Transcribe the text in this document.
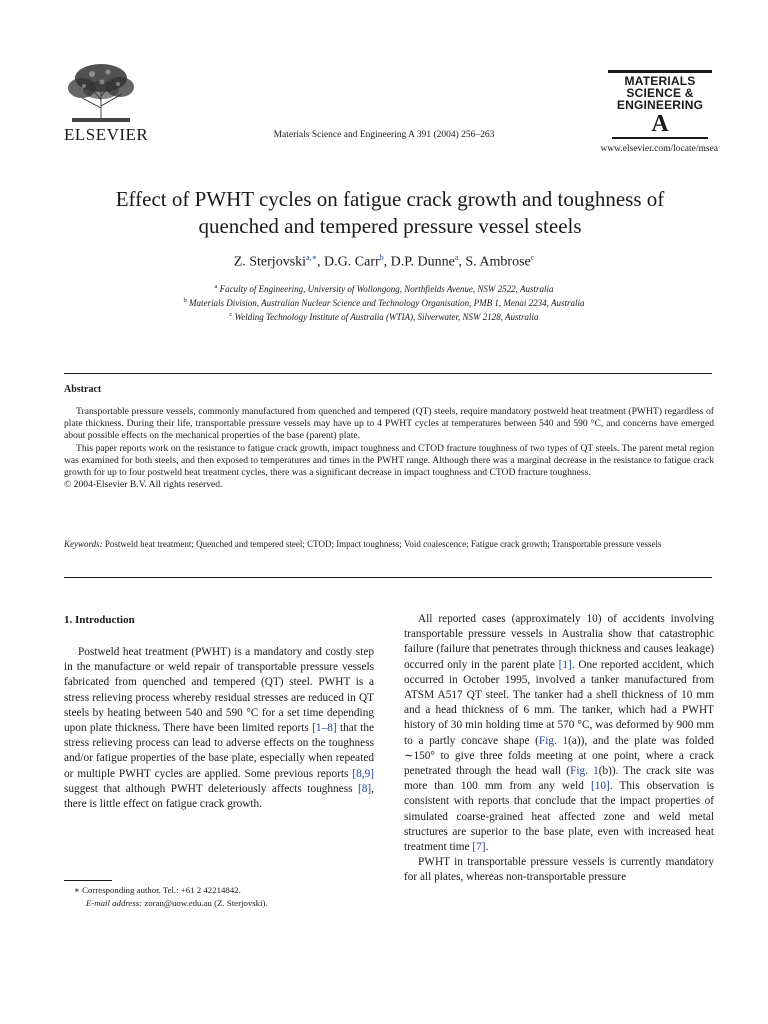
ELSEVIER	Materials Science and Engineering A 391 (2004) 256–263
MATERIALS
SCIENCE &
ENGINEERING
A
www.elsevier.com/locate/msea
Effect of PWHT cycles on fatigue crack growth and toughness of quenched and tempered pressure vessel steels
Z. Sterjovski$^{a,∗}$, D.G. Carr$^b$, D.P. Dunne$^a$, S. Ambrose$^c$
$^a$ Faculty of Engineering, University of Wollongong, Northfields Avenue, NSW 2522, Australia
$^b$ Materials Division, Australian Nuclear Science and Technology Organisation, PMB 1, Menai 2234, Australia
$^c$ Welding Technology Institute of Australia (WTIA), Silverwater, NSW 2128, Australia
Abstract

Transportable pressure vessels, commonly manufactured from quenched and tempered (QT) steels, require mandatory postweld heat treatment (PWHT) regardless of plate thickness. During their life, transportable pressure vessels may have up to 4 PWHT cycles at temperatures between 540 and 590 °C, and concerns have emerged about possible effects on the mechanical properties of the base (parent) plate.

This paper reports work on the resistance to fatigue crack growth, impact toughness and CTOD fracture toughness of two types of QT steels. The parent metal region was examined for both steels, and then exposed to temperatures and times in the PWHT range. Although there was a marginal decrease in the resistance to fatigue crack growth for up to four postweld heat treatment cycles, there was a significant decrease in impact toughness and CTOD fracture toughness.

© 2004-Elsevier B.V. All rights reserved.

Keywords: Postweld heat treatment; Quenched and tempered steel; CTOD; Impact toughness; Void coalescence; Fatigue crack growth; Transportable pressure vessels
1. Introduction

Postweld heat treatment (PWHT) is a mandatory and costly step in the manufacture or weld repair of transportable pressure vessels fabricated from quenched and tempered (QT) steel. PWHT is a stress relieving process whereby residual stresses are reduced in QT steels by heating between 540 and 590 °C for a set time depending upon plate thickness. There have been limited reports [1–8] that the stress relieving process can lead to adverse effects on the toughness and/or fatigue properties of the base plate, especially when repeated or multiple PWHT cycles are applied. Some previous reports [8,9] suggest that although PWHT deleteriously affects toughness [8], there is little effect on fatigue crack growth.

All reported cases (approximately 10) of accidents involving transportable pressure vessels in Australia show that catastrophic failure (failure that penetrates through thickness and causes leakage) occurred only in the parent plate [1]. One reported accident, which occurred in October 1995, involved a tanker manufactured from ATSM A517 QT steel. The tanker had a shell thickness of 10 mm and a head thickness of 6 mm. The tanker, which had a PWHT history of 30 min holding time at 570 °C, was deformed by 900 mm to a partly concave shape (Fig. 1(a)), and the plate was folded ∼150° to give three folds meeting at one point, where a crack penetrated through the head wall (Fig. 1(b)). The crack site was more than 100 mm from any weld [10]. This observation is consistent with reports that conclude that the impact properties of simulated coarse-grained heat affected zone and weld metal structures are superior to the base plate, even with increased heat treatment time [7].

PWHT in transportable pressure vessels is currently mandatory for all plates, whereas non-transportable pressure

∗ Corresponding author. Tel.: +61 2 42214842.
E-mail address: zoran@uow.edu.au (Z. Sterjovski).
